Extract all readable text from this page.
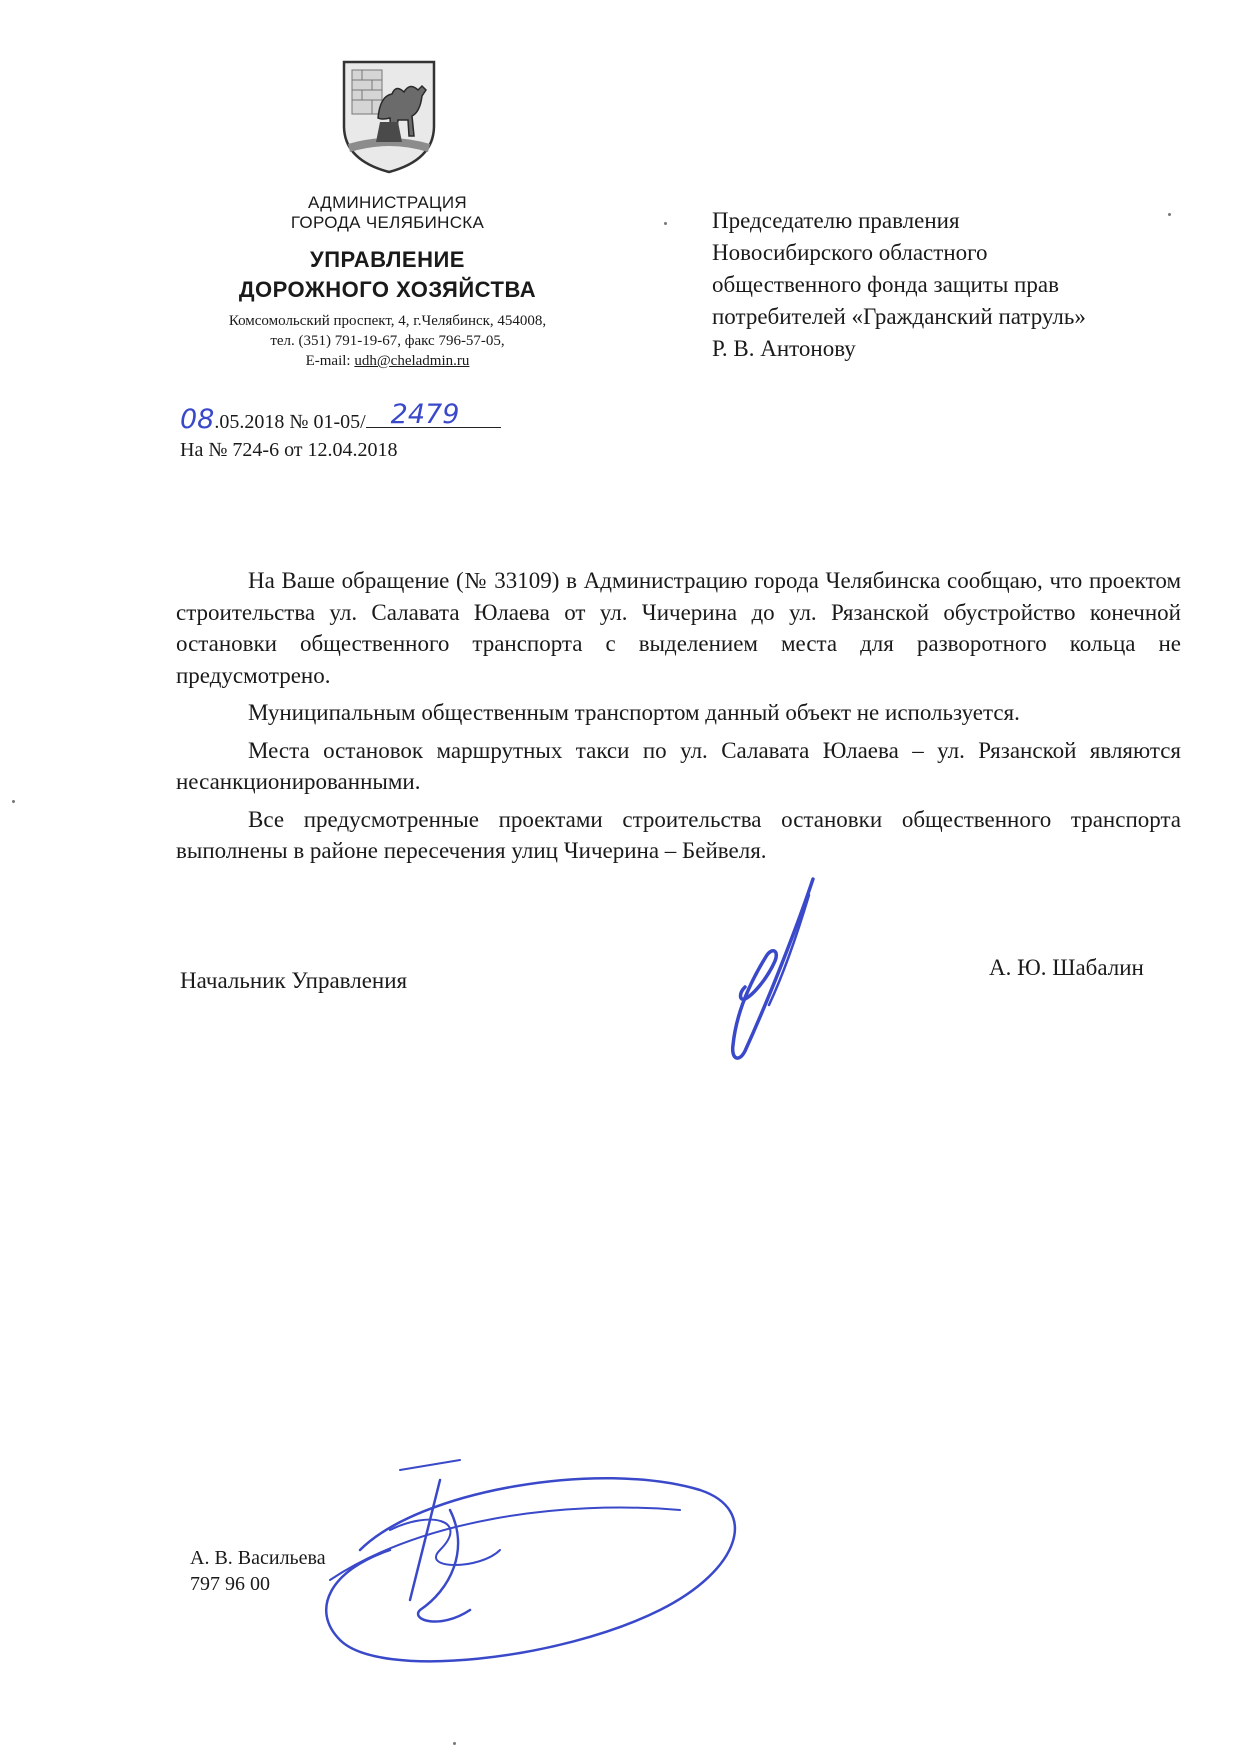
АДМИНИСТРАЦИЯ
ГОРОДА ЧЕЛЯБИНСКА
УПРАВЛЕНИЕ
ДОРОЖНОГО ХОЗЯЙСТВА
Комсомольский проспект, 4, г.Челябинск, 454008,
тел. (351) 791-19-67, факс 796-57-05,
E-mail: udh@cheladmin.ru
Председателю правления
Новосибирского областного
общественного фонда защиты прав
потребителей «Гражданский патруль»
Р. В. Антонову
08.05.2018 № 01-05/ 2479
На № 724-6 от 12.04.2018

На Ваше обращение (№ 33109) в Администрацию города Челябинска сообщаю, что проектом строительства ул. Салавата Юлаева от ул. Чичерина до ул. Рязанской обустройство конечной остановки общественного транспорта с выделением места для разворотного кольца не предусмотрено.

Муниципальным общественным транспортом данный объект не используется.

Места остановок маршрутных такси по ул. Салавата Юлаева – ул. Рязанской являются несанкционированными.

Все предусмотренные проектами строительства остановки общественного транспорта выполнены в районе пересечения улиц Чичерина – Бейвеля.

Начальник Управления
А. Ю. Шабалин
А. В. Васильева
797 96 00
